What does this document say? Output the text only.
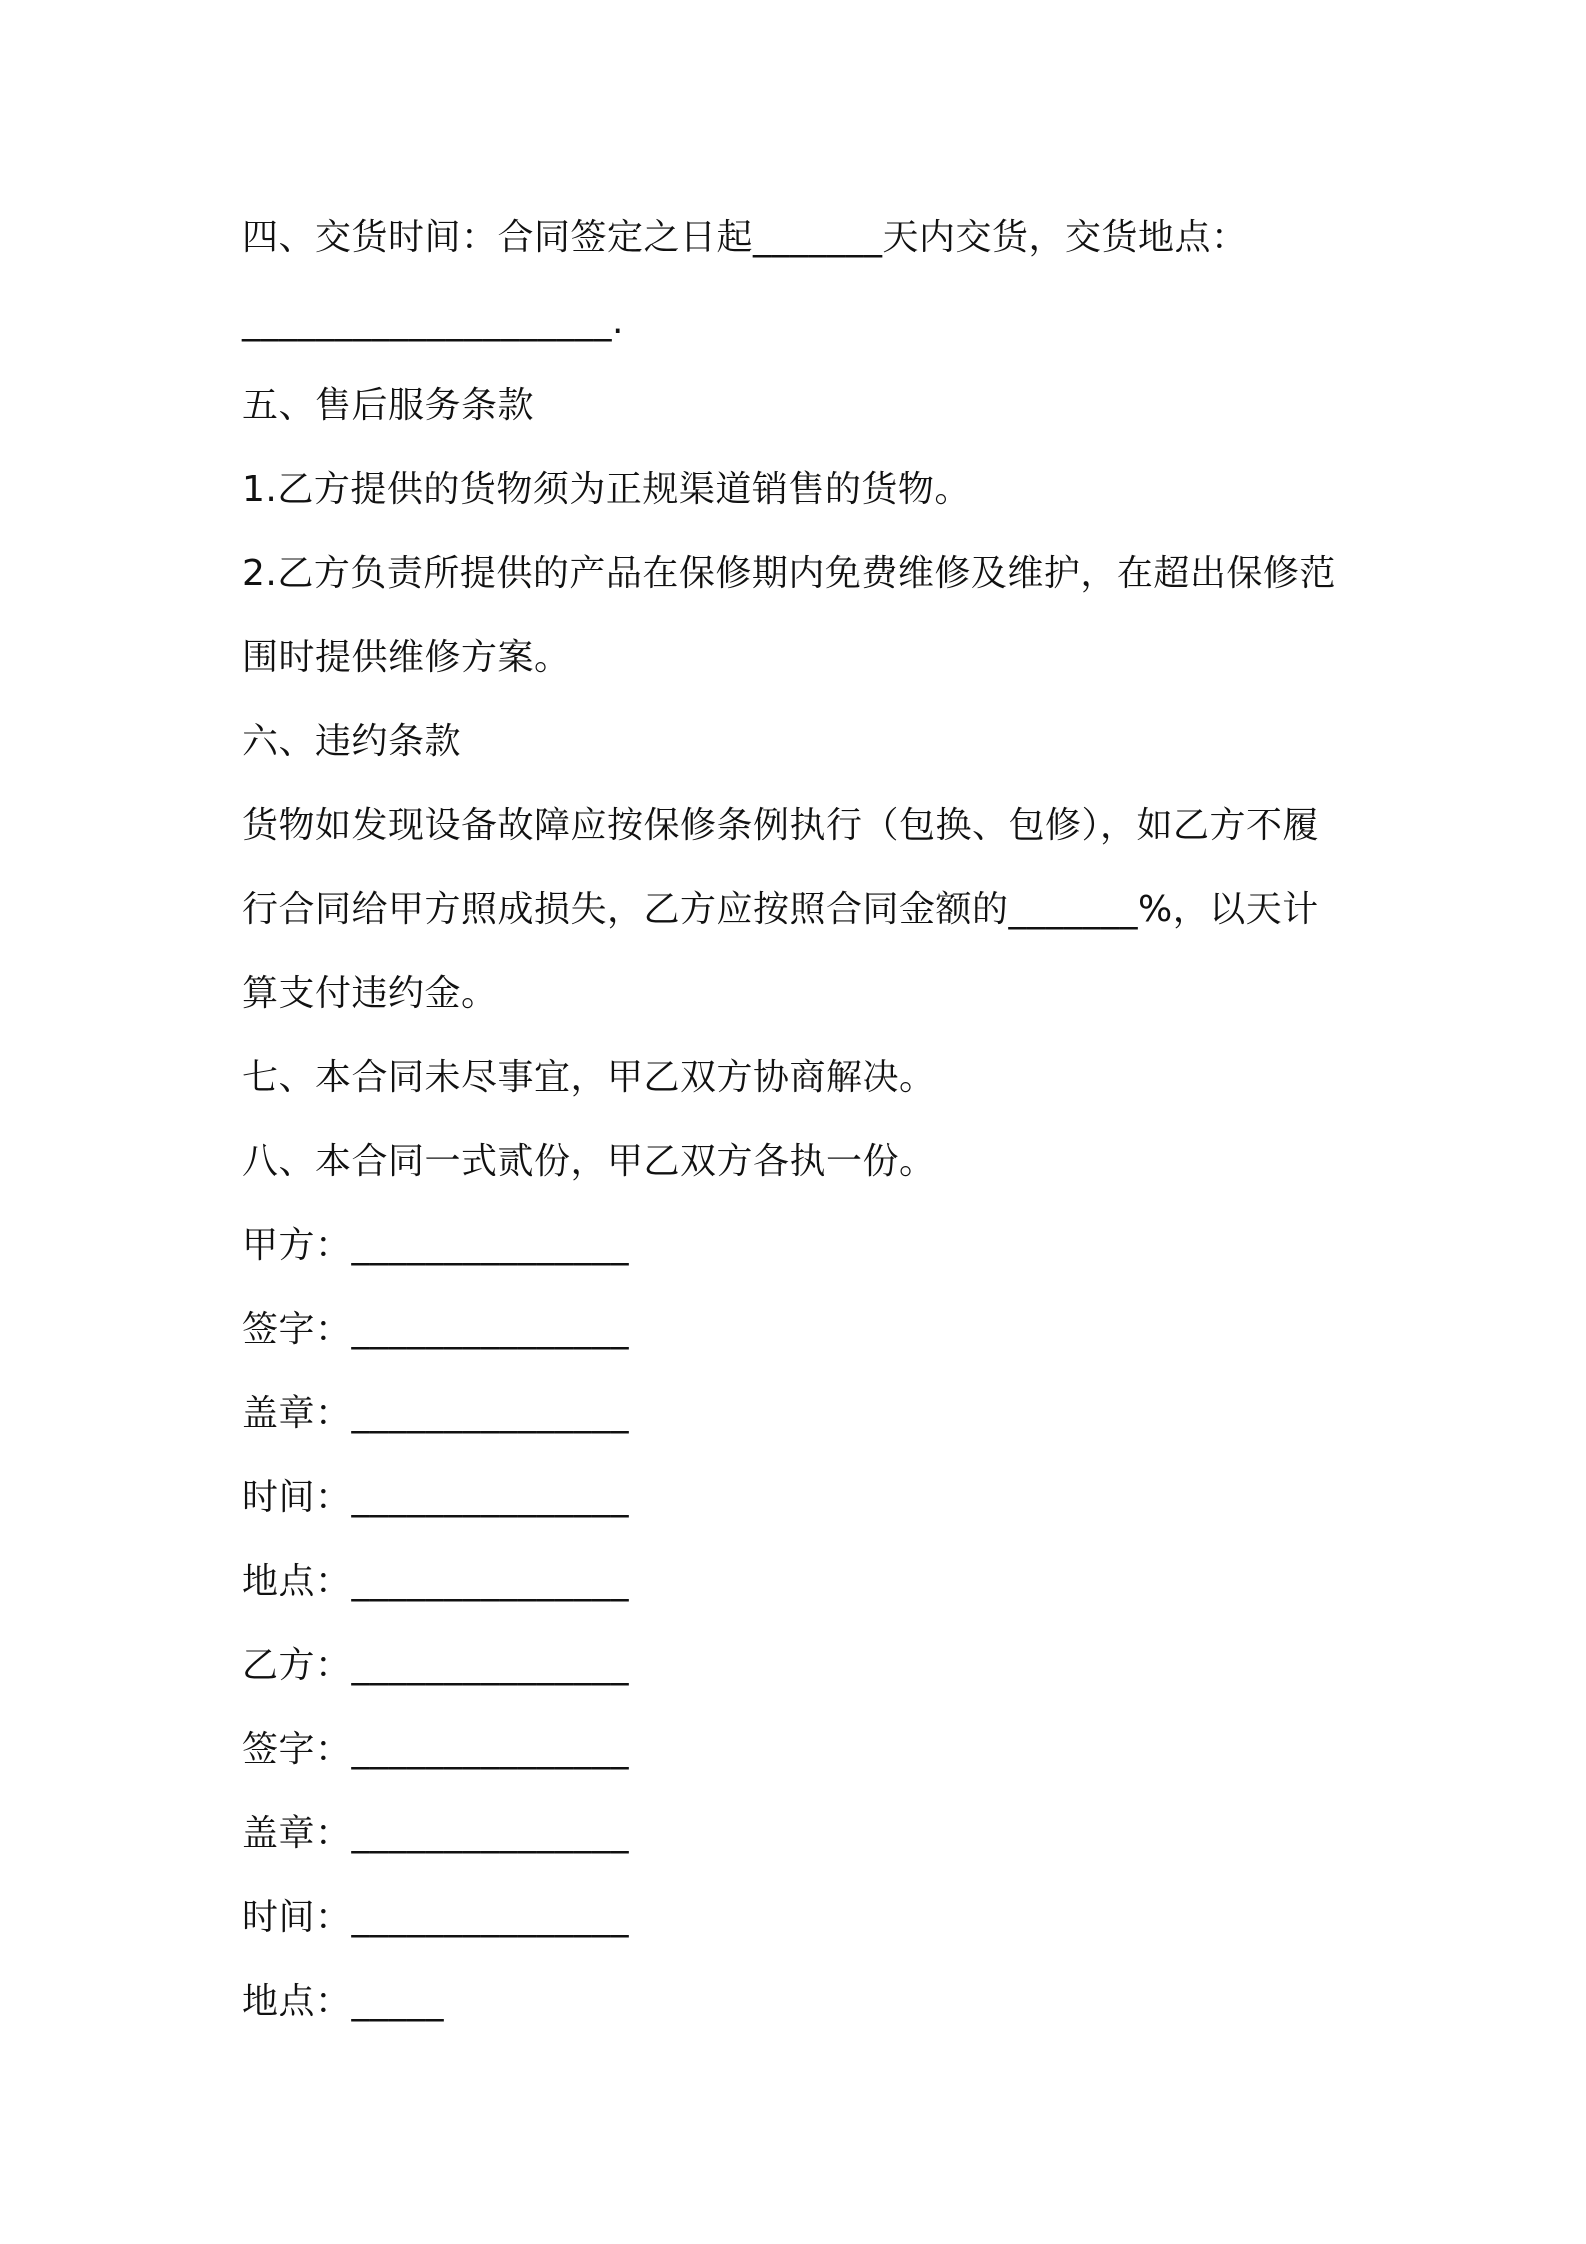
四、交货时间：合同签定之日起_______天内交货，交货地点：
____________________.
五、售后服务条款
1.乙方提供的货物须为正规渠道销售的货物。
2.乙方负责所提供的产品在保修期内免费维修及维护，在超出保修范
围时提供维修方案。
六、违约条款
货物如发现设备故障应按保修条例执行（包换、包修），如乙方不履
行合同给甲方照成损失，乙方应按照合同金额的_______%，以天计
算支付违约金。
七、本合同未尽事宜，甲乙双方协商解决。
八、本合同一式贰份，甲乙双方各执一份。
甲方：_______________
签字：_______________
盖章：_______________
时间：_______________
地点：_______________
乙方：_______________
签字：_______________
盖章：_______________
时间：_______________
地点：_____
